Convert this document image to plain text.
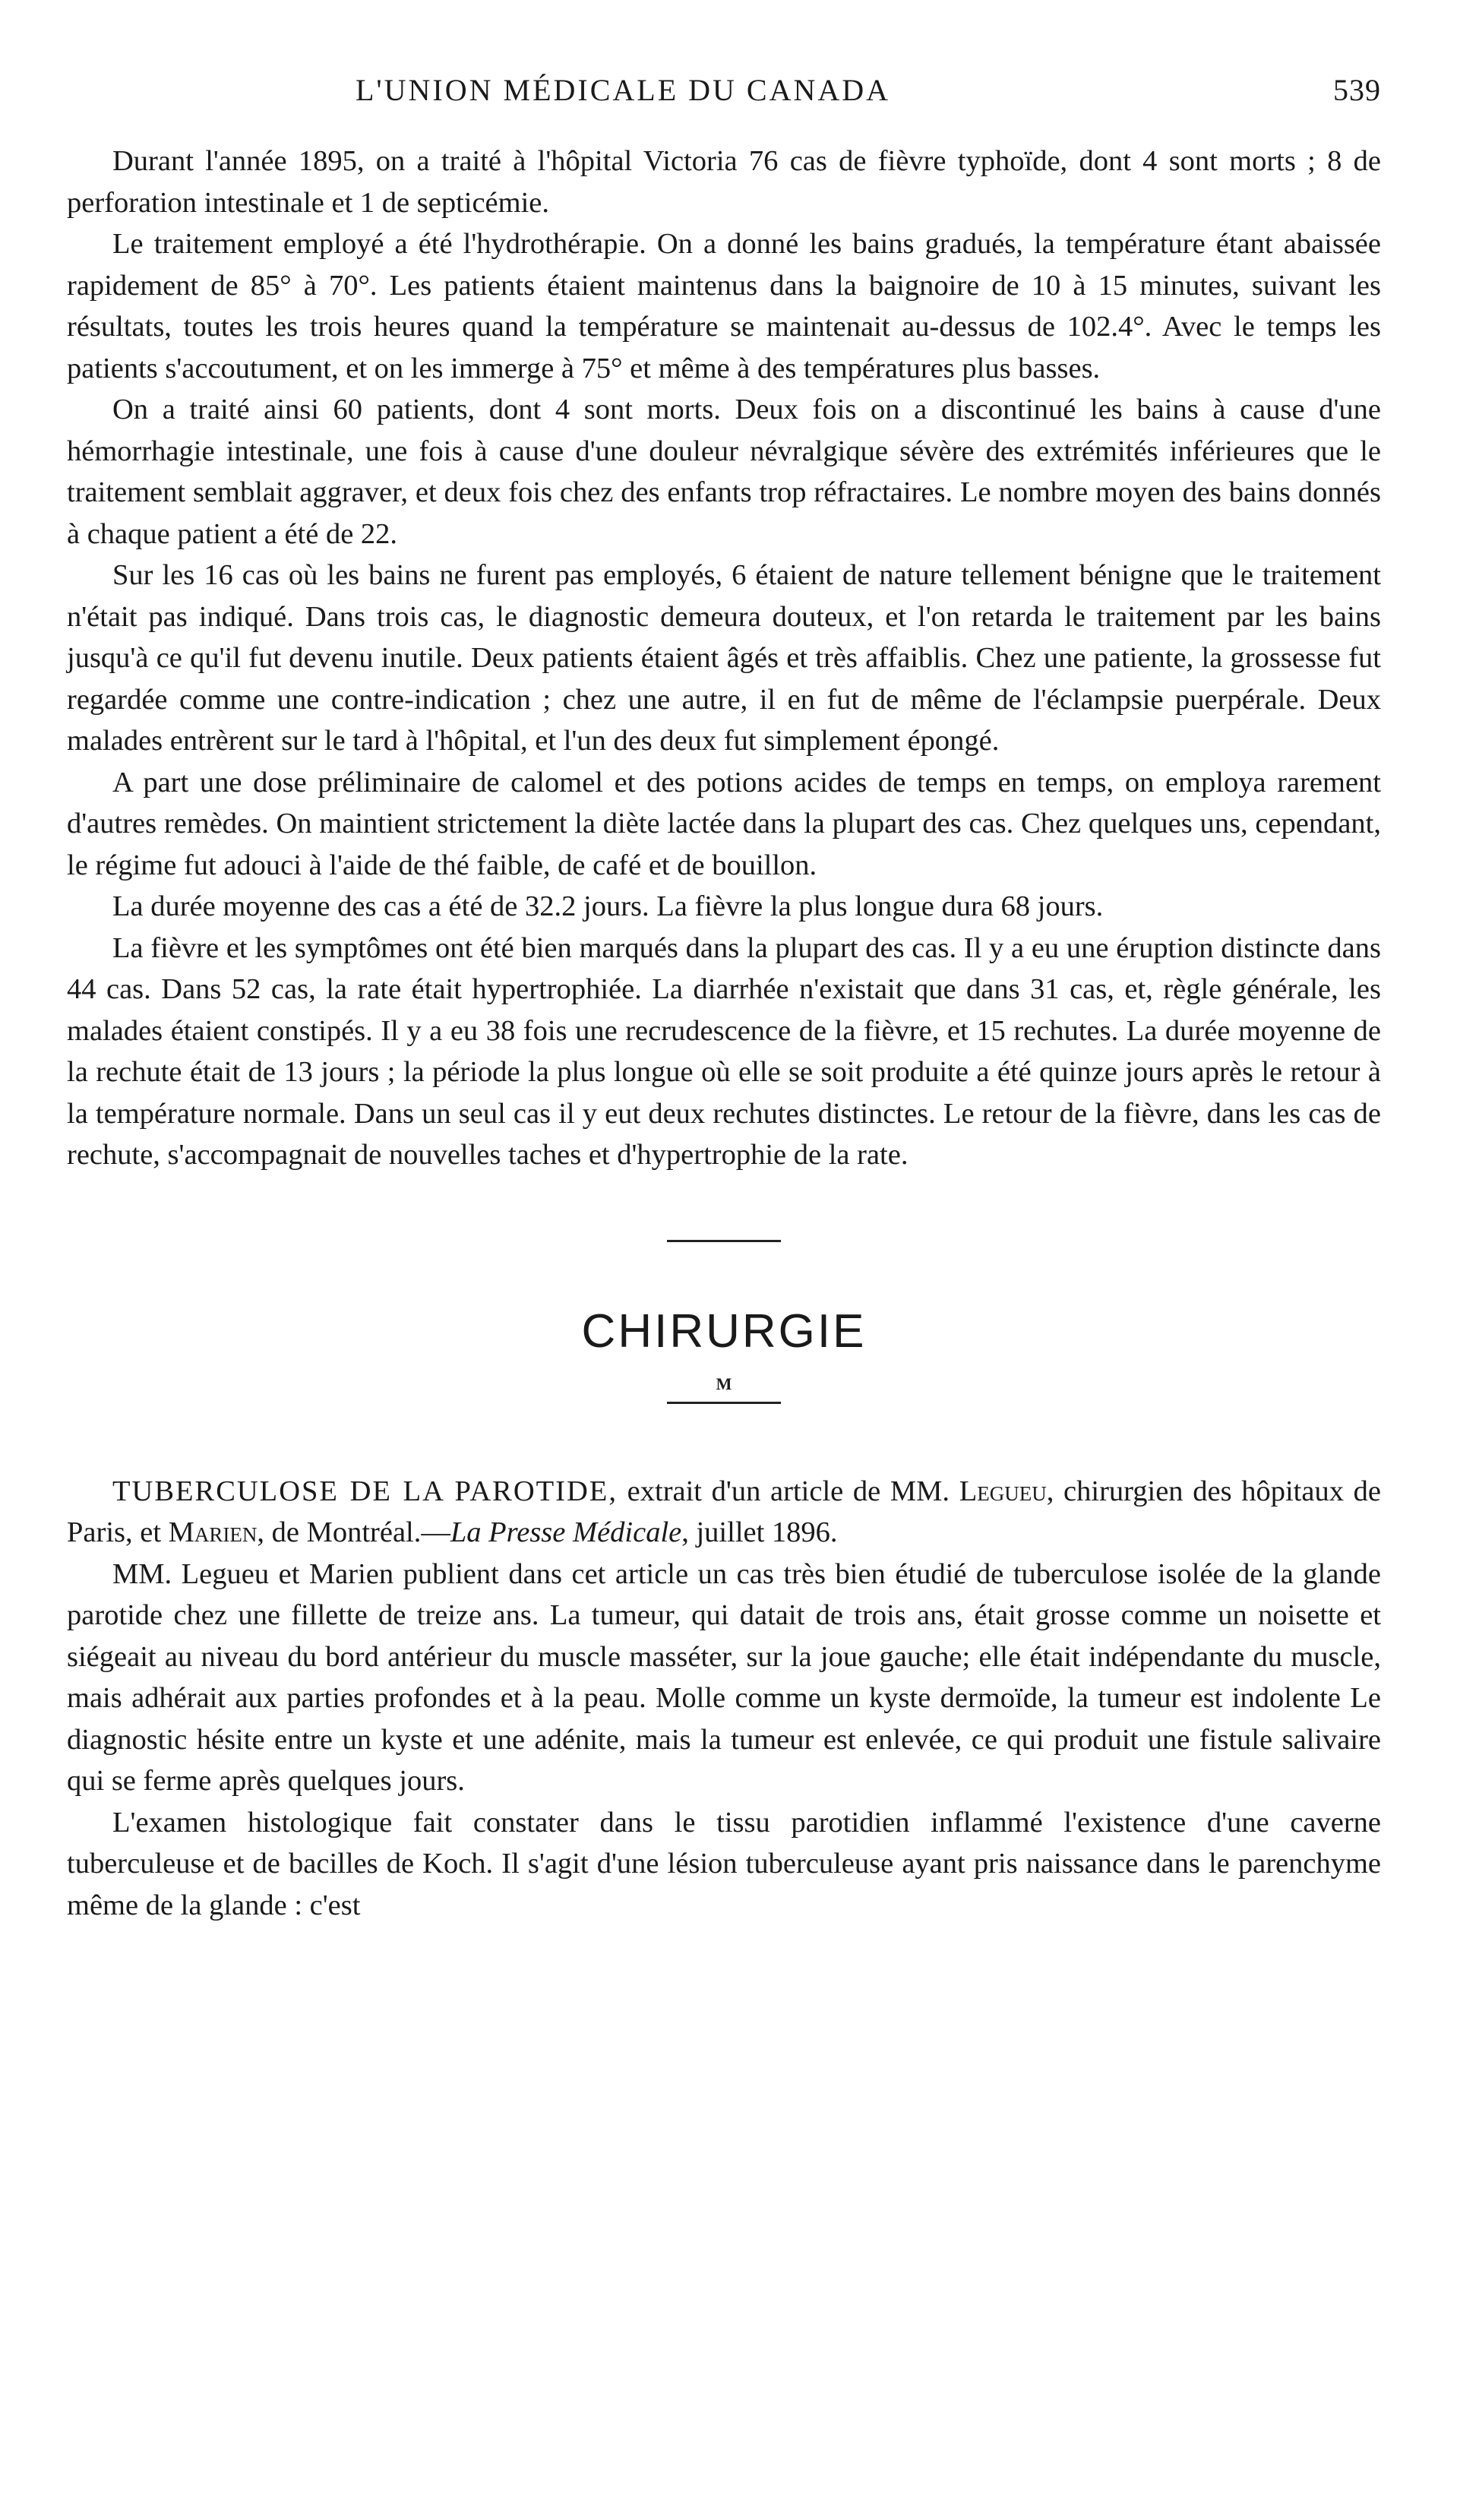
L'UNION MÉDICALE DU CANADA	539

Durant l'année 1895, on a traité à l'hôpital Victoria 76 cas de fièvre typhoïde, dont 4 sont morts ; 8 de perforation intestinale et 1 de septicémie.

Le traitement employé a été l'hydrothérapie. On a donné les bains gradués, la température étant abaissée rapidement de 85° à 70°. Les patients étaient maintenus dans la baignoire de 10 à 15 minutes, suivant les résultats, toutes les trois heures quand la température se maintenait au-dessus de 102.4°. Avec le temps les patients s'accoutument, et on les immerge à 75° et même à des températures plus basses.

On a traité ainsi 60 patients, dont 4 sont morts. Deux fois on a discontinué les bains à cause d'une hémorrhagie intestinale, une fois à cause d'une douleur névralgique sévère des extrémités inférieures que le traitement semblait aggraver, et deux fois chez des enfants trop réfractaires. Le nombre moyen des bains donnés à chaque patient a été de 22.

Sur les 16 cas où les bains ne furent pas employés, 6 étaient de nature tellement bénigne que le traitement n'était pas indiqué. Dans trois cas, le diagnostic demeura douteux, et l'on retarda le traitement par les bains jusqu'à ce qu'il fut devenu inutile. Deux patients étaient âgés et très affaiblis. Chez une patiente, la grossesse fut regardée comme une contre-indication ; chez une autre, il en fut de même de l'éclampsie puerpérale. Deux malades entrèrent sur le tard à l'hôpital, et l'un des deux fut simplement épongé.

A part une dose préliminaire de calomel et des potions acides de temps en temps, on employa rarement d'autres remèdes. On maintient strictement la diète lactée dans la plupart des cas. Chez quelques uns, cependant, le régime fut adouci à l'aide de thé faible, de café et de bouillon.

La durée moyenne des cas a été de 32.2 jours. La fièvre la plus longue dura 68 jours.

La fièvre et les symptômes ont été bien marqués dans la plupart des cas. Il y a eu une éruption distincte dans 44 cas. Dans 52 cas, la rate était hypertrophiée. La diarrhée n'existait que dans 31 cas, et, règle générale, les malades étaient constipés. Il y a eu 38 fois une recrudescence de la fièvre, et 15 rechutes. La durée moyenne de la rechute était de 13 jours ; la période la plus longue où elle se soit produite a été quinze jours après le retour à la température normale. Dans un seul cas il y eut deux rechutes distinctes. Le retour de la fièvre, dans les cas de rechute, s'accompagnait de nouvelles taches et d'hypertrophie de la rate.

CHIRURGIE
M

TUBERCULOSE DE LA PAROTIDE, extrait d'un article de MM. Legueu, chirurgien des hôpitaux de Paris, et Marien, de Montréal.—La Presse Médicale, juillet 1896.

MM. Legueu et Marien publient dans cet article un cas très bien étudié de tuberculose isolée de la glande parotide chez une fillette de treize ans. La tumeur, qui datait de trois ans, était grosse comme un noisette et siégeait au niveau du bord antérieur du muscle masséter, sur la joue gauche; elle était indépendante du muscle, mais adhérait aux parties profondes et à la peau. Molle comme un kyste dermoïde, la tumeur est indolente Le diagnostic hésite entre un kyste et une adénite, mais la tumeur est enlevée, ce qui produit une fistule salivaire qui se ferme après quelques jours.

L'examen histologique fait constater dans le tissu parotidien inflammé l'existence d'une caverne tuberculeuse et de bacilles de Koch. Il s'agit d'une lésion tuberculeuse ayant pris naissance dans le parenchyme même de la glande : c'est
